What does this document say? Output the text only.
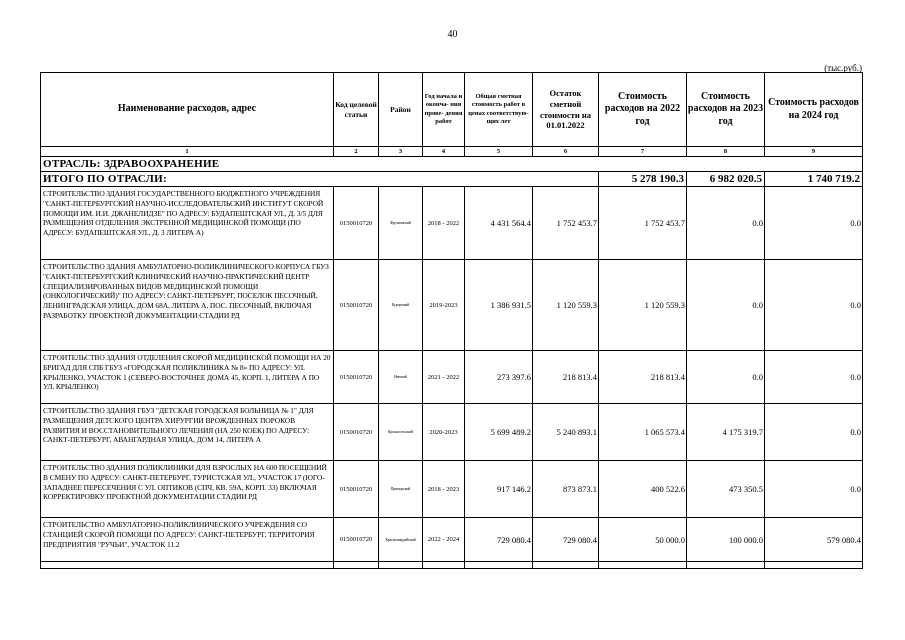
40
(тыс.руб.)
Наименование расходов, адрес	Код целевой статьи	Район	Год начала и оконча- ния прове- дения работ	Общая сметная стоимость работ в ценах соответствую- щих лет	Остаток сметной стоимости на 01.01.2022	Стоимость расходов на 2022 год	Стоимость расходов на 2023 год	Стоимость расходов на 2024 год
1	2	3	4	5	6	7	8	9
ОТРАСЛЬ: ЗДРАВООХРАНЕНИЕ								
ИТОГО ПО ОТРАСЛИ:						5 278 190.3	6 982 020.5	1 740 719.2
СТРОИТЕЛЬСТВО ЗДАНИЯ ГОСУДАРСТВЕННОГО БЮДЖЕТНОГО УЧРЕЖДЕНИЯ "САНКТ-ПЕТЕРБУРГСКИЙ НАУЧНО-ИССЛЕДОВАТЕЛЬСКИЙ ИНСТИТУТ СКОРОЙ ПОМОЩИ ИМ. И.И. ДЖАНЕЛИДЗЕ" ПО АДРЕСУ: БУДАПЕШТСКАЯ УЛ., Д. 3/5 ДЛЯ РАЗМЕЩЕНИЯ ОТДЕЛЕНИЯ ЭКСТРЕННОЙ МЕДИЦИНСКОЙ ПОМОЩИ (ПО АДРЕСУ: БУДАПЕШТСКАЯ УЛ., Д. 3 ЛИТЕРА А)	0150010720	Фрунзенский	2018 - 2022	4 431 564.4	1 752 453.7	1 752 453.7	0.0	0.0
СТРОИТЕЛЬСТВО ЗДАНИЯ АМБУЛАТОРНО-ПОЛИКЛИНИЧЕСКОГО КОРПУСА ГБУЗ "САНКТ-ПЕТЕРБУРГСКИЙ КЛИНИЧЕСКИЙ НАУЧНО-ПРАКТИЧЕСКИЙ ЦЕНТР СПЕЦИАЛИЗИРОВАННЫХ ВИДОВ МЕДИЦИНСКОЙ ПОМОЩИ (ОНКОЛОГИЧЕСКИЙ)" ПО АДРЕСУ: САНКТ-ПЕТЕРБУРГ, ПОСЕЛОК ПЕСОЧНЫЙ, ЛЕНИНГРАДСКАЯ УЛИЦА, ДОМ 68А, ЛИТЕРА А, ПОС. ПЕСОЧНЫЙ, ВКЛЮЧАЯ РАЗРАБОТКУ ПРОЕКТНОЙ ДОКУМЕНТАЦИИ СТАДИИ РД	0150010720	Курортный	2019-2023	1 386 931.5	1 120 559.3	1 120 559.3	0.0	0.0
СТРОИТЕЛЬСТВО ЗДАНИЯ ОТДЕЛЕНИЯ СКОРОЙ МЕДИЦИНСКОЙ ПОМОЩИ НА 20 БРИГАД ДЛЯ СПБ ГБУЗ «ГОРОДСКАЯ ПОЛИКЛИНИКА № 8» ПО АДРЕСУ: УЛ. КРЫЛЕНКО, УЧАСТОК 1 (СЕВЕРО-ВОСТОЧНЕЕ ДОМА 45, КОРП. 1, ЛИТЕРА А ПО УЛ. КРЫЛЕНКО)	0150010720	Невский	2021 - 2022	273 397.6	218 813.4	218 813.4	0.0	0.0
СТРОИТЕЛЬСТВО ЗДАНИЯ ГБУЗ "ДЕТСКАЯ ГОРОДСКАЯ БОЛЬНИЦА № 1" ДЛЯ РАЗМЕЩЕНИЯ ДЕТСКОГО ЦЕНТРА ХИРУРГИИ ВРОЖДЕННЫХ ПОРОКОВ РАЗВИТИЯ И ВОССТАНОВИТЕЛЬНОГО ЛЕЧЕНИЯ (НА 250 КОЕК) ПО АДРЕСУ: САНКТ-ПЕТЕРБУРГ, АВАНГАРДНАЯ УЛИЦА, ДОМ 14, ЛИТЕРА А	0150010720	Красносельский	2020-2023	5 699 489.2	5 240 893.1	1 065 573.4	4 175 319.7	0.0
СТРОИТЕЛЬСТВО ЗДАНИЯ ПОЛИКЛИНИКИ ДЛЯ ВЗРОСЛЫХ НА 600 ПОСЕЩЕНИЙ В СМЕНУ ПО АДРЕСУ: САНКТ-ПЕТЕРБУРГ, ТУРИСТСКАЯ УЛ., УЧАСТОК 17 (ЮГО-ЗАПАДНЕЕ ПЕРЕСЕЧЕНИЯ С УЛ. ОПТИКОВ (СПЧ, КВ. 59А, КОРП. 33) ВКЛЮЧАЯ КОРРЕКТИРОВКУ ПРОЕКТНОЙ ДОКУМЕНТАЦИИ СТАДИИ РД	0150010720	Приморский	2018 - 2023	917 146.2	873 873.1	400 522.6	473 350.5	0.0
СТРОИТЕЛЬСТВО АМБУЛАТОРНО-ПОЛИКЛИНИЧЕСКОГО УЧРЕЖДЕНИЯ СО СТАНЦИЕЙ СКОРОЙ ПОМОЩИ ПО АДРЕСУ: САНКТ-ПЕТЕРБУРГ, ТЕРРИТОРИЯ ПРЕДПРИЯТИЯ "РУЧЬИ", УЧАСТОК 11.2	0150010720	Красногвардейский	2022 - 2024	729 080.4	729 080.4	50 000.0	100 000.0	579 080.4
